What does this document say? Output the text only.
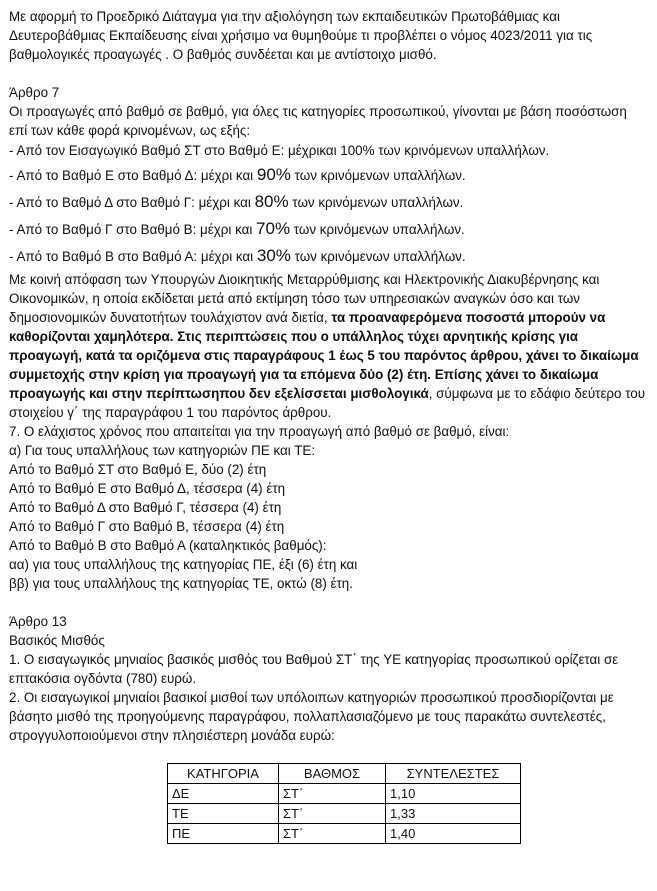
Με αφορμή το Προεδρικό Διάταγμα για την αξιολόγηση των εκπαιδευτικών Πρωτοβάθμιας και

Δευτεροβάθμιας Εκπαίδευσης είναι χρήσιμο να θυμηθούμε τι προβλέπει ο νόμος 4023/2011 για τις

βαθμολογικές προαγωγές . Ο βαθμός συνδέεται και με αντίστοιχο μισθό.

Άρθρο 7

Οι προαγωγές από βαθμό σε βαθμό, για όλες τις κατηγορίες προσωπικού, γίνονται με βάση ποσόστωση

επί των κάθε φορά κρινομένων, ως εξής:

- Από τον Εισαγωγικό Βαθμό ΣΤ στο Βαθμό Ε: μέχρικαι 100% των κρινόμενων υπαλλήλων.

- Από το Βαθμό Ε στο Βαθμό Δ: μέχρι και 90% των κρινόμενων υπαλλήλων.

- Από το Βαθμό Δ στο Βαθμό Γ: μέχρι και 80% των κρινόμενων υπαλλήλων.

- Από το Βαθμό Γ στο Βαθμό Β: μέχρι και 70% των κρινόμενων υπαλλήλων.

- Από το Βαθμό Β στο Βαθμό Α: μέχρι και 30% των κρινόμενων υπαλλήλων.

Με κοινή απόφαση των Υπουργών Διοικητικής Μεταρρύθμισης και Ηλεκτρονικής Διακυβέρνησης και

Οικονομικών, η οποία εκδίδεται μετά από εκτίμηση τόσο των υπηρεσιακών αναγκών όσο και των

δημοσιονομικών δυνατοτήτων τουλάχιστον ανά διετία, τα προαναφερόμενα ποσοστά μπορούν να

καθορίζονται χαμηλότερα. Στις περιπτώσεις που ο υπάλληλος τύχει αρνητικής κρίσης για

προαγωγή, κατά τα οριζόμενα στις παραγράφους 1 έως 5 του παρόντος άρθρου, χάνει το δικαίωμα

συμμετοχής στην κρίση για προαγωγή για τα επόμενα δύο (2) έτη. Επίσης χάνει το δικαίωμα

προαγωγής και στην περίπτωσηπου δεν εξελίσσεται μισθολογικά, σύμφωνα με το εδάφιο δεύτερο του

στοιχείου γ΄ της παραγράφου 1 του παρόντος άρθρου.

7. Ο ελάχιστος χρόνος που απαιτείται για την προαγωγή από βαθμό σε βαθμό, είναι:

α) Για τους υπαλλήλους των κατηγοριών ΠΕ και ΤΕ:

Από το Βαθμό ΣΤ στο Βαθμό Ε, δύο (2) έτη

Από το Βαθμό Ε στο Βαθμό Δ, τέσσερα (4) έτη

Από το Βαθμό Δ στο Βαθμό Γ, τέσσερα (4) έτη

Από το Βαθμό Γ στο Βαθμό Β, τέσσερα (4) έτη

Από το Βαθμό Β στο Βαθμό Α (καταληκτικός βαθμός):

αα) για τους υπαλλήλους της κατηγορίας ΠΕ, έξι (6) έτη και

ββ) για τους υπαλλήλους της κατηγορίας ΤΕ, οκτώ (8) έτη.

Άρθρο 13

Βασικός Μισθός

1. Ο εισαγωγικός μηνιαίος βασικός μισθός του Βαθμού ΣΤ΄ της ΥΕ κατηγορίας προσωπικού ορίζεται σε

επτακόσια ογδόντα (780) ευρώ.

2. Οι εισαγωγικοί μηνιαίοι βασικοί μισθοί των υπόλοιπων κατηγοριών προσωπικού προσδιορίζονται με

βάσητο μισθό της προηγούμενης παραγράφου, πολλαπλασιαζόμενο με τους παρακάτω συντελεστές,

στρογγυλοποιούμενοι στην πλησιέστερη μονάδα ευρώ:

ΚΑΤΗΓΟΡΙΑ	ΒΑΘΜΟΣ	ΣΥΝΤΕΛΕΣΤΕΣ
ΔΕ	ΣΤ΄	1,10
ΤΕ	ΣΤ΄	1,33
ΠΕ	ΣΤ΄	1,40
